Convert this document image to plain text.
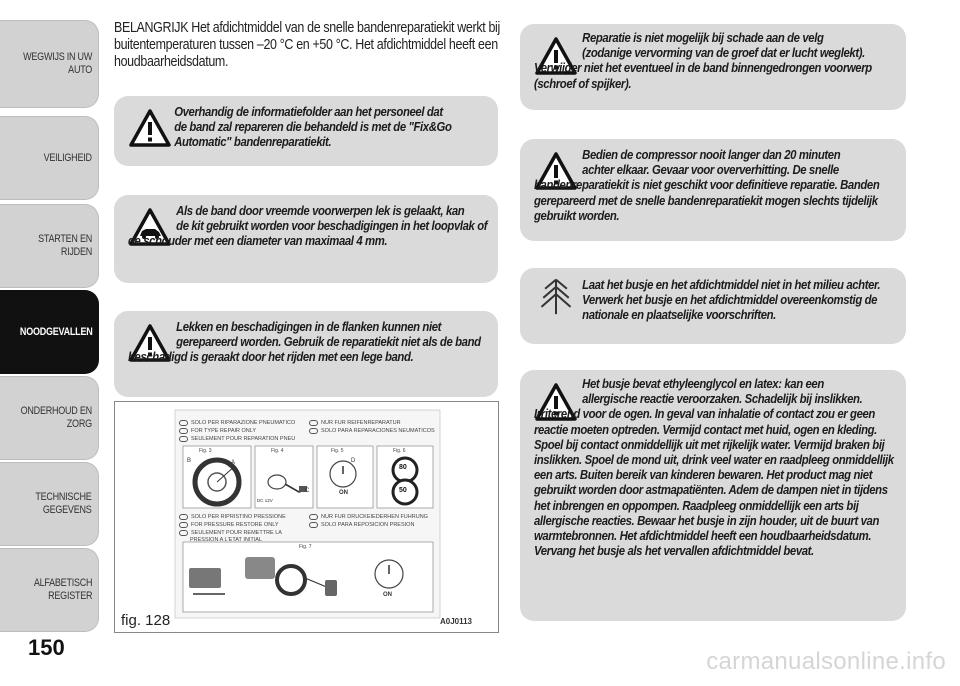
WEGWIJS IN UW
AUTO
VEILIGHEID
STARTEN EN RIJDEN
NOODGEVALLEN
ONDERHOUD EN
ZORG
TECHNISCHE
GEGEVENS
ALFABETISCH
REGISTER
150
BELANGRIJK Het afdichtmiddel van de snelle bandenreparatiekit werkt bij buitentemperaturen tussen –20 °C en +50 °C. Het afdichtmiddel heeft een houdbaarheidsdatum.
Overhandig de informatiefolder aan het personeel dat
de band zal repareren die behandeld is met de "Fix&Go Automatic" bandenreparatiekit.
Als de band door vreemde voorwerpen lek is gelaakt, kan
de kit gebruikt worden voor beschadigingen in het loopvlak of de schouder met een diameter van maximaal 4 mm.
Lekken en beschadigingen in de flanken kunnen niet
gerepareerd worden. Gebruik de reparatiekit niet als de band beschadigd is geraakt door het rijden met een lege band.
SOLO PER RIPARAZIONE PNEUMATICO
FOR TYPE REPAIR ONLY
SEULEMENT POUR REPARATION PNEU
NUR FUR REIFENREPARATUR
SOLO PARA REPARACIONES NEUMATICOS
Fig. 3	Fig. 4	Fig. 5	Fig. 6
Fig. 7
B	A
C
D
ON
DC 12V
80
50
SOLO PER RIPRISTINO PRESSIONE
FOR PRESSURE RESTORE ONLY
SEULEMENT POUR REMETTRE LA
PRESSION A L'ETAT INITIAL
NUR FUR DRUCKEIEDERHEN FUHRUNG
SOLO PARA REPOSICION PRESION
ON
fig. 128	A0J0113
Reparatie is niet mogelijk bij schade aan de velg
(zodanige vervorming van de groef dat er lucht weglekt). Verwijder niet het eventueel in de band binnengedrongen voorwerp (schroef of spijker).
Bedien de compressor nooit langer dan 20 minuten
achter elkaar. Gevaar voor oververhitting. De snelle bandenreparatiekit is niet geschikt voor definitieve reparatie. Banden gerepareerd met de snelle bandenreparatiekit mogen slechts tijdelijk gebruikt worden.
Laat het busje en het afdichtmiddel niet in het milieu achter.
Verwerk het busje en het afdichtmiddel overeenkomstig de nationale en plaatselijke voorschriften.
Het busje bevat ethyleenglycol en latex: kan een
allergische reactie veroorzaken. Schadelijk bij inslikken. Irriterend voor de ogen. In geval van inhalatie of contact zou er geen reactie moeten optreden. Vermijd contact met huid, ogen en kleding. Spoel bij contact onmiddellijk uit met rijkelijk water. Vermijd braken bij inslikken. Spoel de mond uit, drink veel water en raadpleeg onmiddellijk een arts. Buiten bereik van kinderen bewaren. Het product mag niet gebruikt worden door astmapatiënten. Adem de dampen niet in tijdens het inbrengen en oppompen. Raadpleeg onmiddellijk een arts bij allergische reacties. Bewaar het busje in zijn houder, uit de buurt van warmtebronnen. Het afdichtmiddel heeft een houdbaarheidsdatum. Vervang het busje als het vervallen afdichtmiddel bevat.
carmanualsonline.info
